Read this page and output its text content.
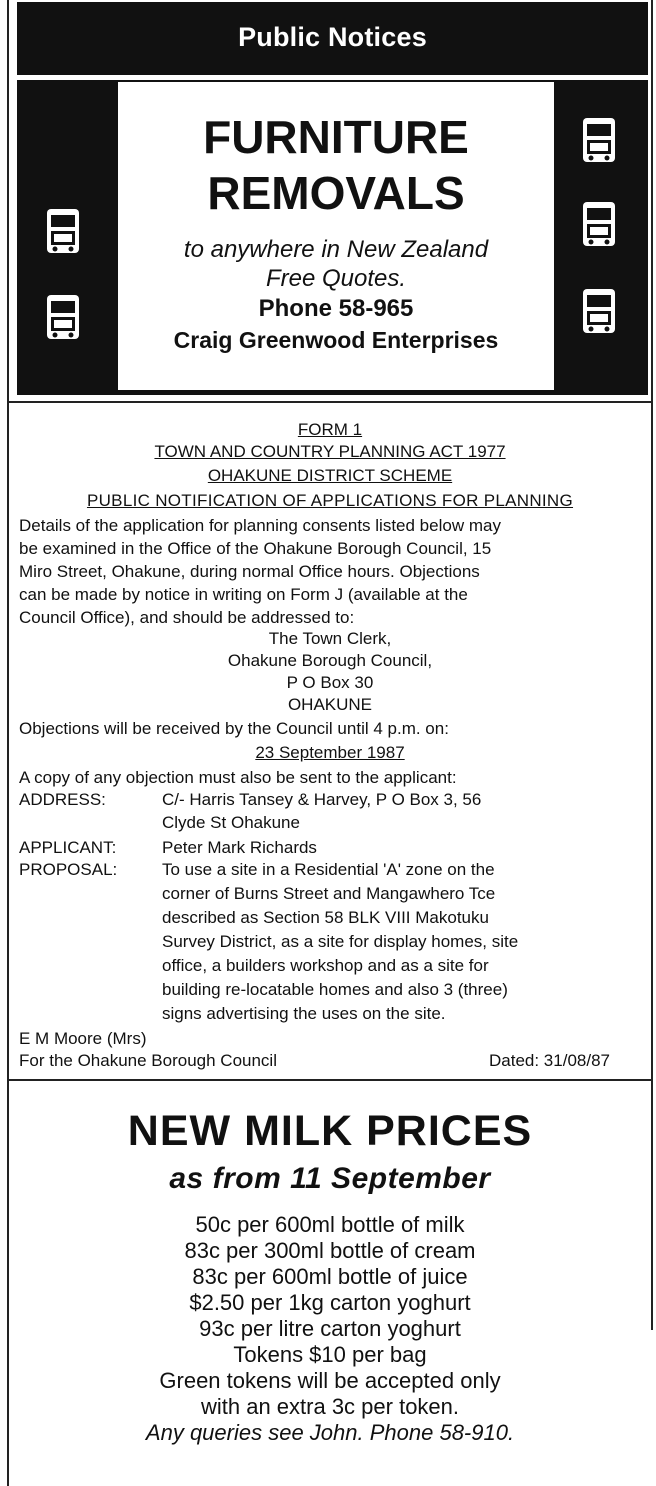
Public Notices
FURNITURE
REMOVALS
to anywhere in New Zealand
Free Quotes.
Phone 58-965
Craig Greenwood Enterprises
FORM 1
TOWN AND COUNTRY PLANNING ACT 1977
OHAKUNE DISTRICT SCHEME
PUBLIC NOTIFICATION OF APPLICATIONS FOR PLANNING
Details of the application for planning consents listed below may
be examined in the Office of the Ohakune Borough Council, 15
Miro Street, Ohakune, during normal Office hours. Objections
can be made by notice in writing on Form J (available at the
Council Office), and should be addressed to:
The Town Clerk,
Ohakune Borough Council,
P O Box 30
OHAKUNE
Objections will be received by the Council until 4 p.m. on:
23 September 1987
A copy of any objection must also be sent to the applicant:
ADDRESS:	C/- Harris Tansey & Harvey, P O Box 3, 56
Clyde St Ohakune
APPLICANT:	Peter Mark Richards
PROPOSAL:	To use a site in a Residential 'A' zone on the
corner of Burns Street and Mangawhero Tce
described as Section 58 BLK VIII Makotuku
Survey District, as a site for display homes, site
office, a builders workshop and as a site for
building re-locatable homes and also 3 (three)
signs advertising the uses on the site.
E M Moore (Mrs)
For the Ohakune Borough Council	Dated: 31/08/87
NEW MILK PRICES
as from 11 September
50c per 600ml bottle of milk
83c per 300ml bottle of cream
83c per 600ml bottle of juice
$2.50 per 1kg carton yoghurt
93c per litre carton yoghurt
Tokens $10 per bag
Green tokens will be accepted only
with an extra 3c per token.
Any queries see John. Phone 58-910.
